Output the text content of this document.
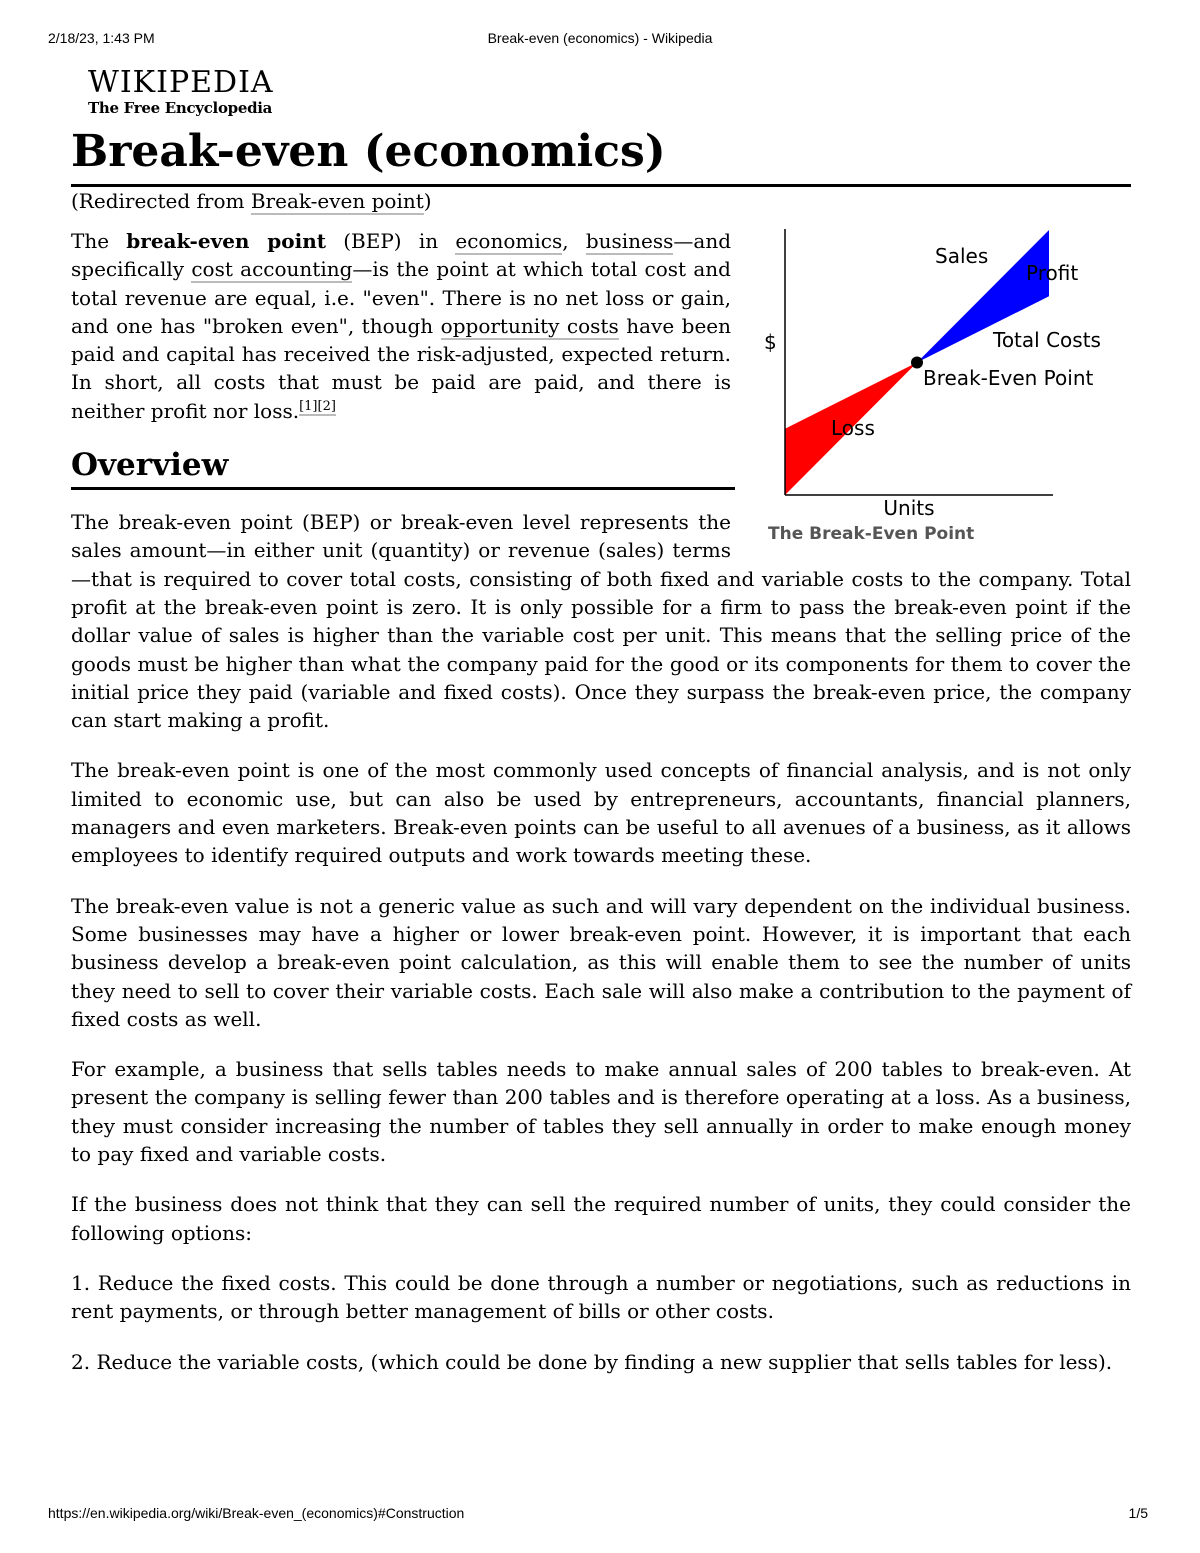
2/18/23, 1:43 PM	Break-even (economics) - Wikipedia
WIKIPEDIA
The Free Encyclopedia
Break-even (economics)
(Redirected from Break-even point)
Sales
Profit
Total Costs
Break-Even Point
Loss
$
Units
The Break-Even Point

The break-even point (BEP) in economics, business—and specifically cost accounting—is the point at which total cost and total revenue are equal, i.e. "even". There is no net loss or gain, and one has "broken even", though opportunity costs have been paid and capital has received the risk-adjusted, expected return. In short, all costs that must be paid are paid, and there is neither profit nor loss.[1][2]

Overview

The break-even point (BEP) or break-even level represents the sales amount—in either unit (quantity) or revenue (sales) terms—that is required to cover total costs, consisting of both fixed and variable costs to the company. Total profit at the break-even point is zero. It is only possible for a firm to pass the break-even point if the dollar value of sales is higher than the variable cost per unit. This means that the selling price of the goods must be higher than what the company paid for the good or its components for them to cover the initial price they paid (variable and fixed costs). Once they surpass the break-even price, the company can start making a profit.

The break-even point is one of the most commonly used concepts of financial analysis, and is not only limited to economic use, but can also be used by entrepreneurs, accountants, financial planners, managers and even marketers. Break-even points can be useful to all avenues of a business, as it allows employees to identify required outputs and work towards meeting these.

The break-even value is not a generic value as such and will vary dependent on the individual business. Some businesses may have a higher or lower break-even point. However, it is important that each business develop a break-even point calculation, as this will enable them to see the number of units they need to sell to cover their variable costs. Each sale will also make a contribution to the payment of fixed costs as well.

For example, a business that sells tables needs to make annual sales of 200 tables to break-even. At present the company is selling fewer than 200 tables and is therefore operating at a loss. As a business, they must consider increasing the number of tables they sell annually in order to make enough money to pay fixed and variable costs.

If the business does not think that they can sell the required number of units, they could consider the following options:

1. Reduce the fixed costs. This could be done through a number or negotiations, such as reductions in rent payments, or through better management of bills or other costs.

2. Reduce the variable costs, (which could be done by finding a new supplier that sells tables for less).

https://en.wikipedia.org/wiki/Break-even_(economics)#Construction	1/5
